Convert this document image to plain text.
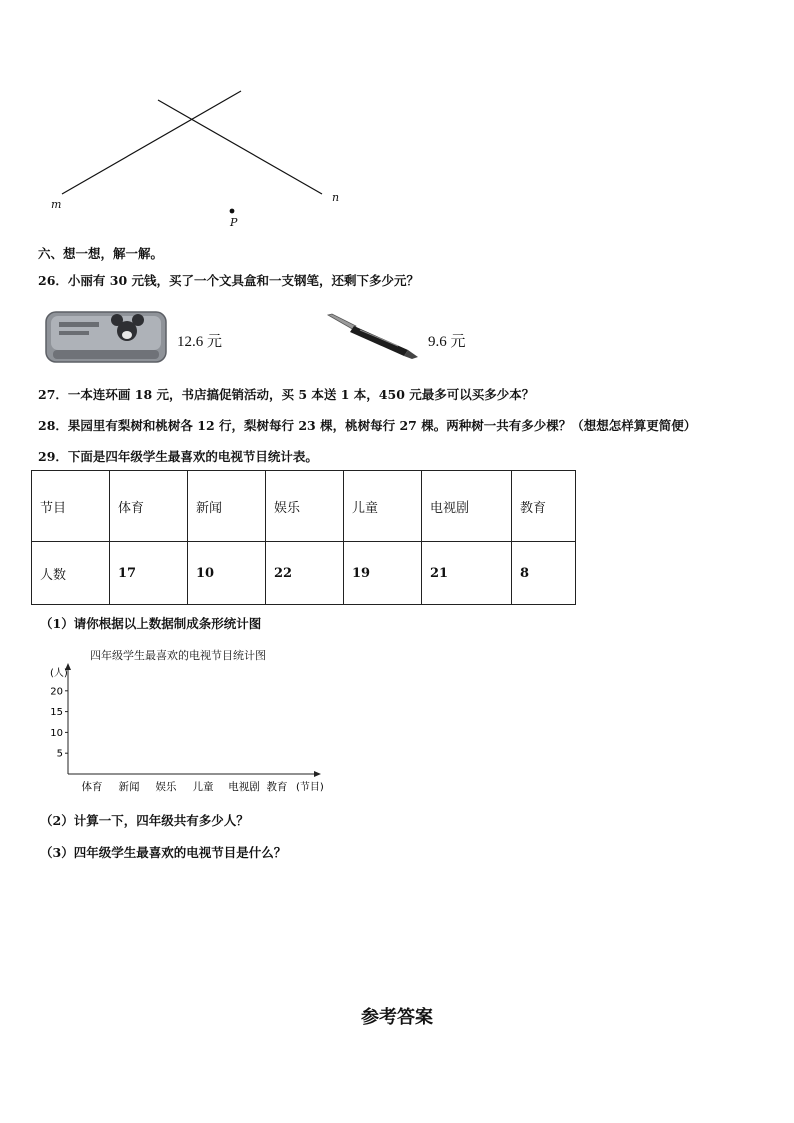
m
n
P
六、想一想，解一解。
26．小丽有 30 元钱，买了一个文具盒和一支钢笔，还剩下多少元？
12.6 元	9.6 元
27．一本连环画 18 元，书店搞促销活动，买 5 本送 1 本，450 元最多可以买多少本？
28．果园里有梨树和桃树各 12 行，梨树每行 23 棵，桃树每行 27 棵。两种树一共有多少棵？（想想怎样算更简便）
29．下面是四年级学生最喜欢的电视节目统计表。
节目	体育	新闻	娱乐	儿童	电视剧	教育
人数	17	10	22	19	21	8
（1）请你根据以上数据制成条形统计图
四年级学生最喜欢的电视节目统计图
(人)
(节目)
5
10
15
20
体育 新闻 娱乐 儿童 电视剧 教育
（2）计算一下，四年级共有多少人？
（3）四年级学生最喜欢的电视节目是什么？
参考答案
